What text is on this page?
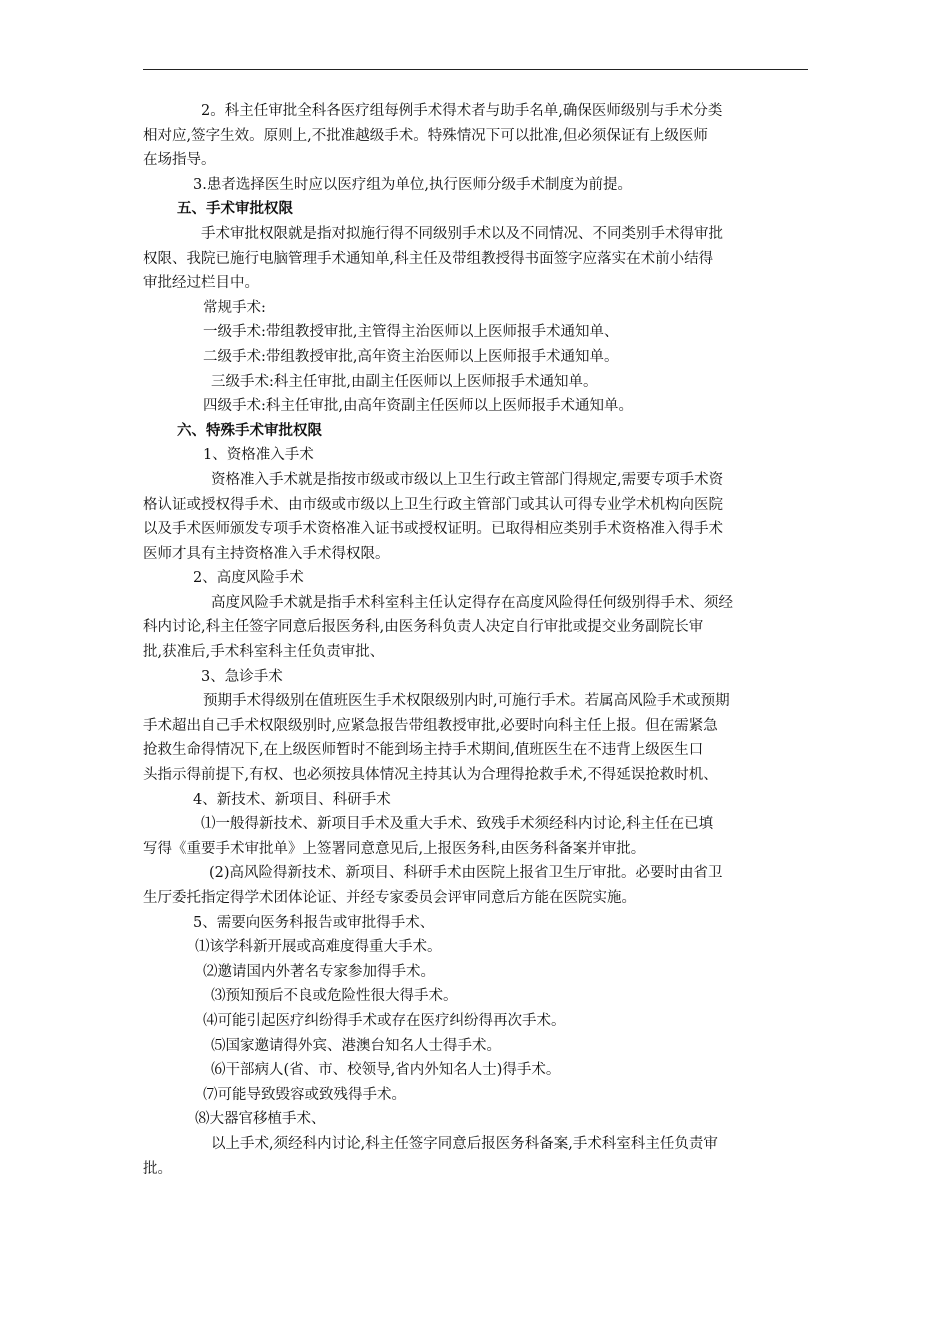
2。科主任审批全科各医疗组每例手术得术者与助手名单,确保医师级别与手术分类

相对应,签字生效。原则上,不批准越级手术。特殊情况下可以批准,但必须保证有上级医师

在场指导。

3.患者选择医生时应以医疗组为单位,执行医师分级手术制度为前提。

五、手术审批权限

手术审批权限就是指对拟施行得不同级别手术以及不同情况、不同类别手术得审批

权限、我院已施行电脑管理手术通知单,科主任及带组教授得书面签字应落实在术前小结得

审批经过栏目中。

常规手术:

一级手术:带组教授审批,主管得主治医师以上医师报手术通知单、

二级手术:带组教授审批,高年资主治医师以上医师报手术通知单。

三级手术:科主任审批,由副主任医师以上医师报手术通知单。

四级手术:科主任审批,由高年资副主任医师以上医师报手术通知单。

六、特殊手术审批权限

1、资格准入手术

资格准入手术就是指按市级或市级以上卫生行政主管部门得规定,需要专项手术资

格认证或授权得手术、由市级或市级以上卫生行政主管部门或其认可得专业学术机构向医院

以及手术医师颁发专项手术资格准入证书或授权证明。已取得相应类别手术资格准入得手术

医师才具有主持资格准入手术得权限。

2、高度风险手术

高度风险手术就是指手术科室科主任认定得存在高度风险得任何级别得手术、须经

科内讨论,科主任签字同意后报医务科,由医务科负责人决定自行审批或提交业务副院长审

批,获准后,手术科室科主任负责审批、

3、急诊手术

预期手术得级别在值班医生手术权限级别内时,可施行手术。若属高风险手术或预期

手术超出自己手术权限级别时,应紧急报告带组教授审批,必要时向科主任上报。但在需紧急

抢救生命得情况下,在上级医师暂时不能到场主持手术期间,值班医生在不违背上级医生口

头指示得前提下,有权、也必须按具体情况主持其认为合理得抢救手术,不得延误抢救时机、

4、新技术、新项目、科研手术

⑴一般得新技术、新项目手术及重大手术、致残手术须经科内讨论,科主任在已填

写得《重要手术审批单》上签署同意意见后,上报医务科,由医务科备案并审批。

(2)高风险得新技术、新项目、科研手术由医院上报省卫生厅审批。必要时由省卫

生厅委托指定得学术团体论证、并经专家委员会评审同意后方能在医院实施。

5、需要向医务科报告或审批得手术、

⑴该学科新开展或高难度得重大手术。

⑵邀请国内外著名专家参加得手术。

⑶预知预后不良或危险性很大得手术。

⑷可能引起医疗纠纷得手术或存在医疗纠纷得再次手术。

⑸国家邀请得外宾、港澳台知名人士得手术。

⑹干部病人(省、市、校领导,省内外知名人士)得手术。

⑺可能导致毁容或致残得手术。

⑻大器官移植手术、

以上手术,须经科内讨论,科主任签字同意后报医务科备案,手术科室科主任负责审

批。
